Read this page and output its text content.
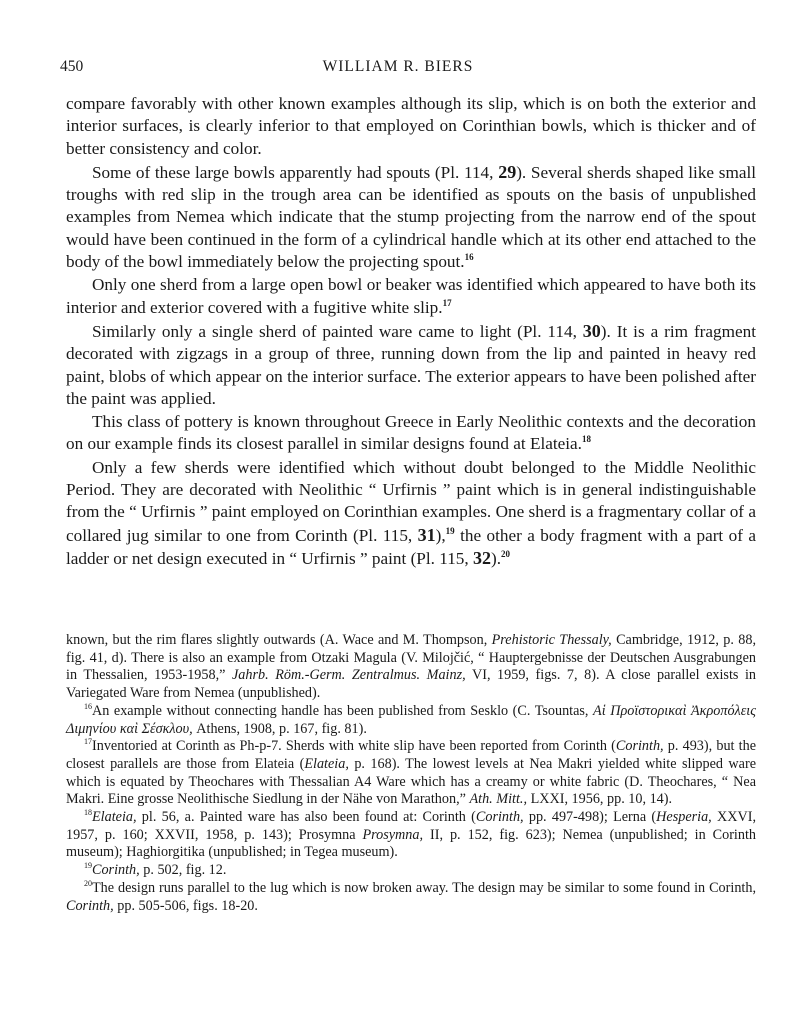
450	WILLIAM R. BIERS

compare favorably with other known examples although its slip, which is on both the exterior and interior surfaces, is clearly inferior to that employed on Corinthian bowls, which is thicker and of better consistency and color.

Some of these large bowls apparently had spouts (Pl. 114, 29). Several sherds shaped like small troughs with red slip in the trough area can be identified as spouts on the basis of unpublished examples from Nemea which indicate that the stump projecting from the narrow end of the spout would have been continued in the form of a cylindrical handle which at its other end attached to the body of the bowl immediately below the projecting spout.$^{16}$

Only one sherd from a large open bowl or beaker was identified which appeared to have both its interior and exterior covered with a fugitive white slip.$^{17}$

Similarly only a single sherd of painted ware came to light (Pl. 114, 30). It is a rim fragment decorated with zigzags in a group of three, running down from the lip and painted in heavy red paint, blobs of which appear on the interior surface. The exterior appears to have been polished after the paint was applied.

This class of pottery is known throughout Greece in Early Neolithic contexts and the decoration on our example finds its closest parallel in similar designs found at Elateia.$^{18}$

Only a few sherds were identified which without doubt belonged to the Middle Neolithic Period. They are decorated with Neolithic “ Urfirnis ” paint which is in general indistinguishable from the “ Urfirnis ” paint employed on Corinthian examples. One sherd is a fragmentary collar of a collared jug similar to one from Corinth (Pl. 115, 31),$^{19}$ the other a body fragment with a part of a ladder or net design executed in “ Urfirnis ” paint (Pl. 115, 32).$^{20}$

known, but the rim flares slightly outwards (A. Wace and M. Thompson, Prehistoric Thessaly, Cambridge, 1912, p. 88, fig. 41, d). There is also an example from Otzaki Magula (V. Milojčić, “ Hauptergebnisse der Deutschen Ausgrabungen in Thessalien, 1953-1958,” Jahrb. Röm.-Germ. Zentralmus. Mainz, VI, 1959, figs. 7, 8). A close parallel exists in Variegated Ware from Nemea (unpublished).

$^{16}$An example without connecting handle has been published from Sesklo (C. Tsountas, Αἱ Προϊστορικαὶ Ἀκροπόλεις Διμηνίου καὶ Σέσκλου, Athens, 1908, p. 167, fig. 81).

$^{17}$Inventoried at Corinth as Ph-p-7. Sherds with white slip have been reported from Corinth (Corinth, p. 493), but the closest parallels are those from Elateia (Elateia, p. 168). The lowest levels at Nea Makri yielded white slipped ware which is equated by Theochares with Thessalian A4 Ware which has a creamy or white fabric (D. Theochares, “ Nea Makri. Eine grosse Neolithische Siedlung in der Nähe von Marathon,” Ath. Mitt., LXXI, 1956, pp. 10, 14).

$^{18}$Elateia, pl. 56, a. Painted ware has also been found at: Corinth (Corinth, pp. 497-498); Lerna (Hesperia, XXVI, 1957, p. 160; XXVII, 1958, p. 143); Prosymna Prosymna, II, p. 152, fig. 623); Nemea (unpublished; in Corinth museum); Haghiorgitika (unpublished; in Tegea museum).

$^{19}$Corinth, p. 502, fig. 12.

$^{20}$The design runs parallel to the lug which is now broken away. The design may be similar to some found in Corinth, Corinth, pp. 505-506, figs. 18-20.
